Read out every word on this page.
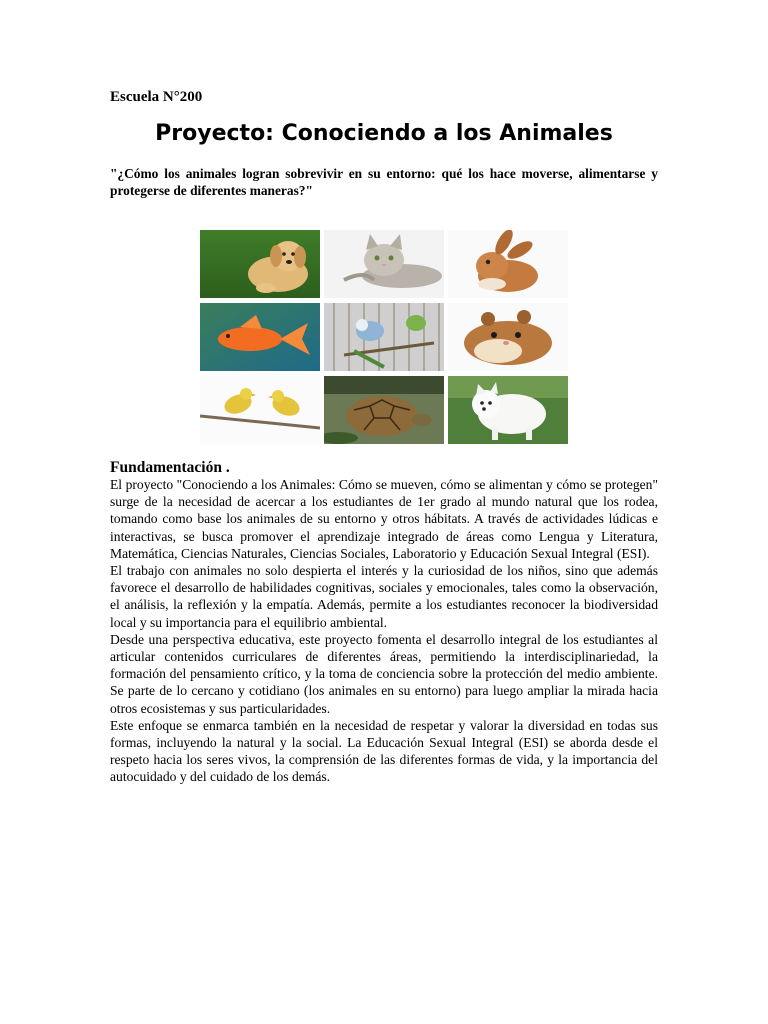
Escuela N°200
Proyecto: Conociendo a los Animales
"¿Cómo los animales logran sobrevivir en su entorno: qué los hace moverse, alimentarse y protegerse de diferentes maneras?"
Fundamentación .

El proyecto "Conociendo a los Animales: Cómo se mueven, cómo se alimentan y cómo se protegen" surge de la necesidad de acercar a los estudiantes de 1er grado al mundo natural que los rodea, tomando como base los animales de su entorno y otros hábitats. A través de actividades lúdicas e interactivas, se busca promover el aprendizaje integrado de áreas como Lengua y Literatura, Matemática, Ciencias Naturales, Ciencias Sociales, Laboratorio y Educación Sexual Integral (ESI).

El trabajo con animales no solo despierta el interés y la curiosidad de los niños, sino que además favorece el desarrollo de habilidades cognitivas, sociales y emocionales, tales como la observación, el análisis, la reflexión y la empatía. Además, permite a los estudiantes reconocer la biodiversidad local y su importancia para el equilibrio ambiental.

Desde una perspectiva educativa, este proyecto fomenta el desarrollo integral de los estudiantes al articular contenidos curriculares de diferentes áreas, permitiendo la interdisciplinariedad, la formación del pensamiento crítico, y la toma de conciencia sobre la protección del medio ambiente. Se parte de lo cercano y cotidiano (los animales en su entorno) para luego ampliar la mirada hacia otros ecosistemas y sus particularidades.

Este enfoque se enmarca también en la necesidad de respetar y valorar la diversidad en todas sus formas, incluyendo la natural y la social. La Educación Sexual Integral (ESI) se aborda desde el respeto hacia los seres vivos, la comprensión de las diferentes formas de vida, y la importancia del autocuidado y del cuidado de los demás.
